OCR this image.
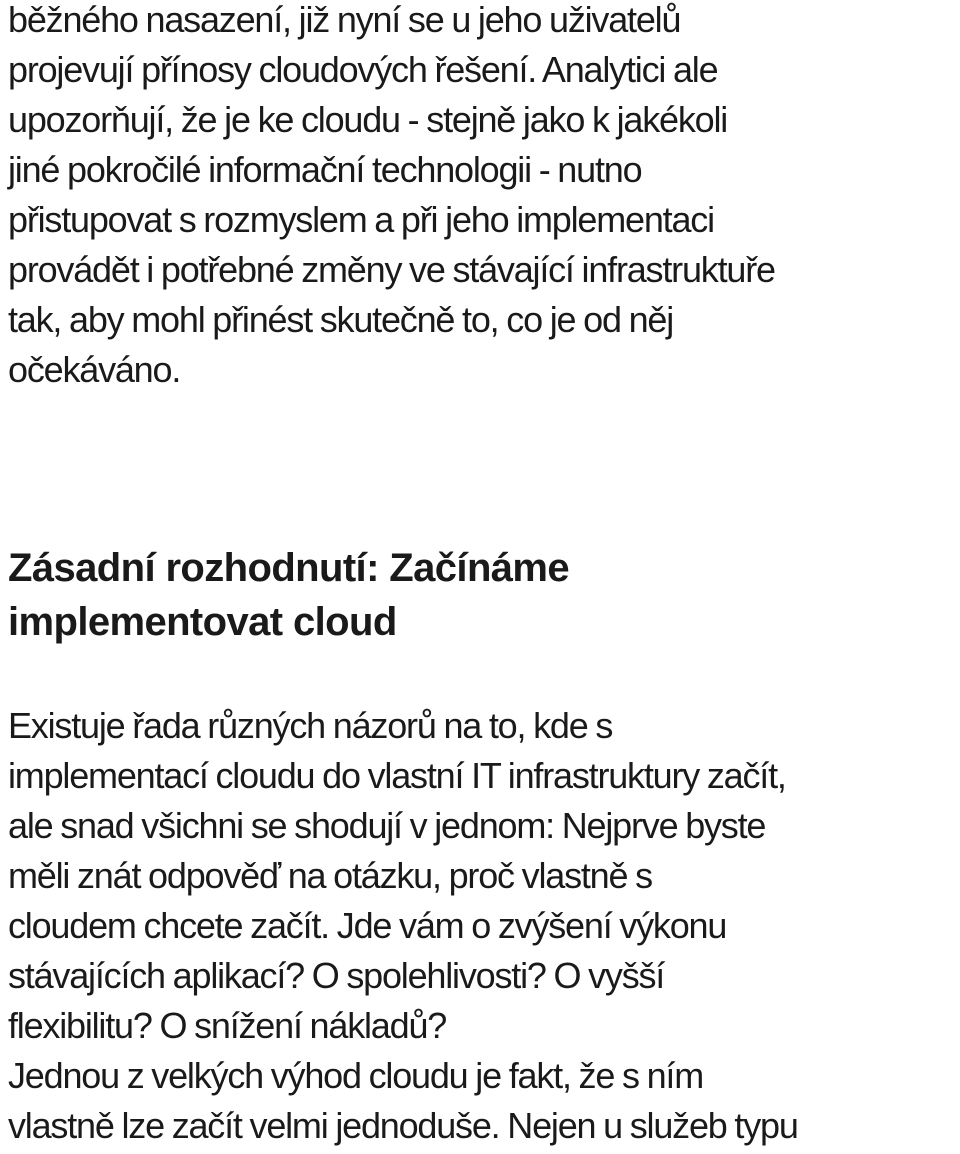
běžného nasazení, již nyní se u jeho uživatelů
projevují přínosy cloudových řešení. Analytici ale
upozorňují, že je ke cloudu - stejně jako k jakékoli
jiné pokročilé informační technologii - nutno
přistupovat s rozmyslem a při jeho implementaci
provádět i potřebné změny ve stávající infrastruktuře
tak, aby mohl přinést skutečně to, co je od něj
očekáváno.
Zásadní rozhodnutí: Začínáme
implementovat cloud
Existuje řada různých názorů na to, kde s
implementací cloudu do vlastní IT infrastruktury začít,
ale snad všichni se shodují v jednom: Nejprve byste
měli znát odpověď na otázku, proč vlastně s
cloudem chcete začít. Jde vám o zvýšení výkonu
stávajících aplikací? O spolehlivosti? O vyšší
flexibilitu? O snížení nákladů?
Jednou z velkých výhod cloudu je fakt, že s ním
vlastně lze začít velmi jednoduše. Nejen u služeb typu
